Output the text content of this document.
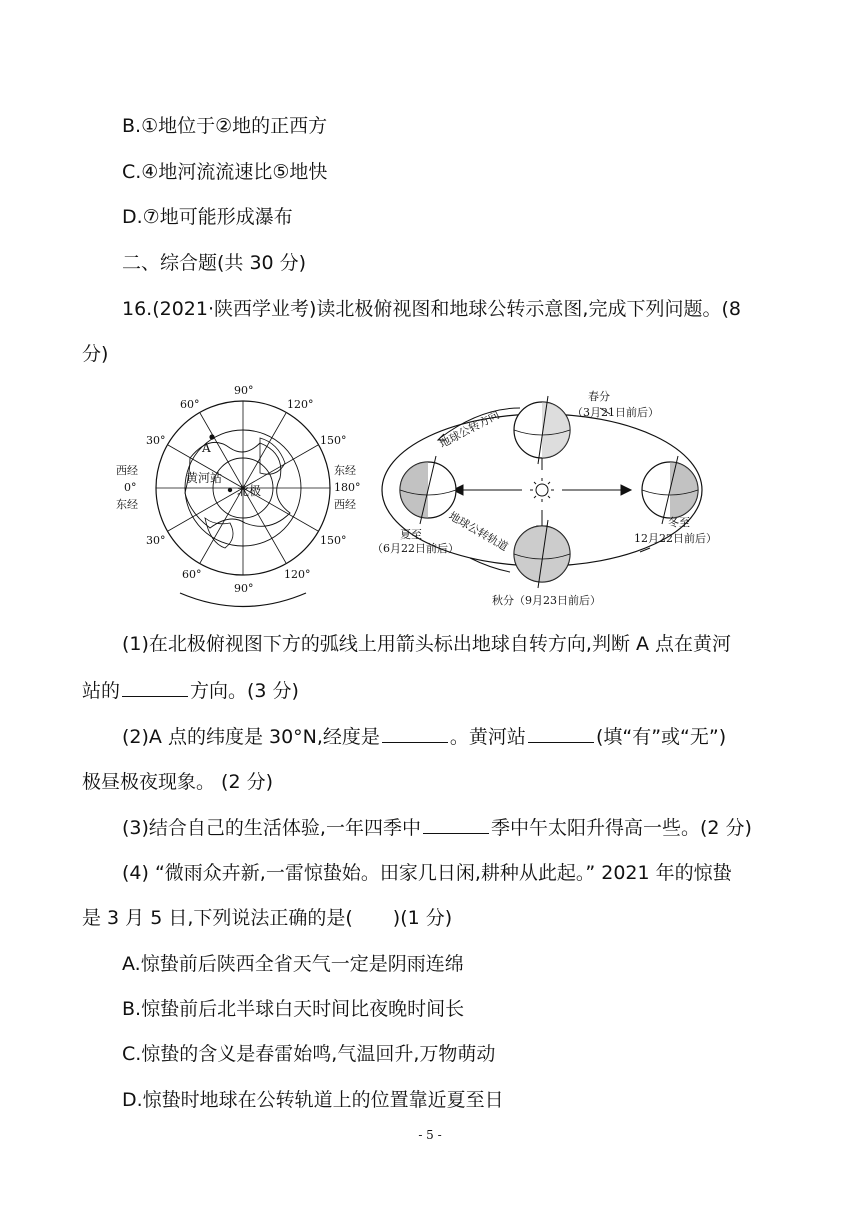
B.①地位于②地的正西方
C.④地河流流速比⑤地快
D.⑦地可能形成瀑布
二、综合题(共 30 分)
16.(2021·陕西学业考)读北极俯视图和地球公转示意图,完成下列问题。(8
分)
90°
120°
60°
30°	150°
西经
0°
东经
东经
180°
西经
30°	150°
60°	120°
90°
A
黄河站
北极
春分
（3月21日前后）
夏至
（6月22日前后）
秋分（9月23日前后）
冬至
12月22日前后）
地球公转方向
地球公转轨道
(1)在北极俯视图下方的弧线上用箭头标出地球自转方向,判断 A 点在黄河
站的	方向。(3 分)
(2)A 点的纬度是 30°N,经度是	。黄河站	(填“有”或“无”)
极昼极夜现象。 (2 分)
(3)结合自己的生活体验,一年四季中	季中午太阳升得高一些。(2 分)
(4) “微雨众卉新,一雷惊蛰始。田家几日闲,耕种从此起。” 2021 年的惊蛰
是 3 月 5 日,下列说法正确的是( )(1 分)
A.惊蛰前后陕西全省天气一定是阴雨连绵
B.惊蛰前后北半球白天时间比夜晚时间长
C.惊蛰的含义是春雷始鸣,气温回升,万物萌动
D.惊蛰时地球在公转轨道上的位置靠近夏至日
- 5 -
